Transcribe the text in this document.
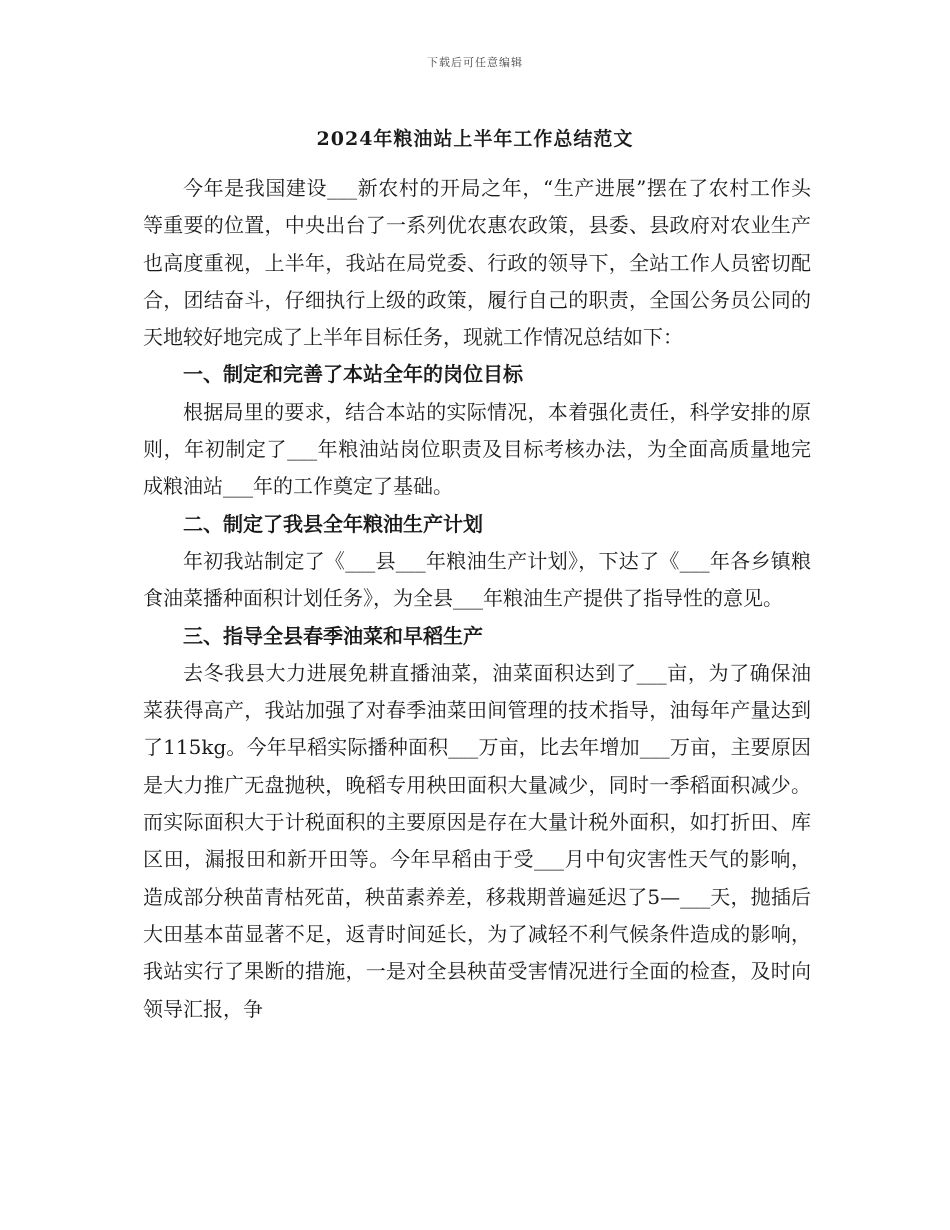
下载后可任意编辑
2024年粮油站上半年工作总结范文

今年是我国建设___新农村的开局之年，“生产进展”摆在了农村工作头等重要的位置，中央出台了一系列优农惠农政策，县委、县政府对农业生产也高度重视，上半年，我站在局党委、行政的领导下，全站工作人员密切配合，团结奋斗，仔细执行上级的政策，履行自己的职责，全国公务员公同的天地较好地完成了上半年目标任务，现就工作情况总结如下：

一、制定和完善了本站全年的岗位目标

根据局里的要求，结合本站的实际情况，本着强化责任，科学安排的原则，年初制定了___年粮油站岗位职责及目标考核办法，为全面高质量地完成粮油站___年的工作奠定了基础。

二、制定了我县全年粮油生产计划

年初我站制定了《___县___年粮油生产计划》，下达了《___年各乡镇粮食油菜播种面积计划任务》，为全县___年粮油生产提供了指导性的意见。

三、指导全县春季油菜和早稻生产

去冬我县大力进展免耕直播油菜，油菜面积达到了___亩，为了确保油菜获得高产，我站加强了对春季油菜田间管理的技术指导，油每年产量达到了115kg。今年早稻实际播种面积___万亩，比去年增加___万亩，主要原因是大力推广无盘抛秧，晚稻专用秧田面积大量减少，同时一季稻面积减少。而实际面积大于计税面积的主要原因是存在大量计税外面积，如打折田、库区田，漏报田和新开田等。今年早稻由于受___月中旬灾害性天气的影响，造成部分秧苗青枯死苗，秧苗素养差，移栽期普遍延迟了5—___天，抛插后大田基本苗显著不足，返青时间延长，为了减轻不利气候条件造成的影响，我站实行了果断的措施，一是对全县秧苗受害情况进行全面的检查，及时向领导汇报，争
